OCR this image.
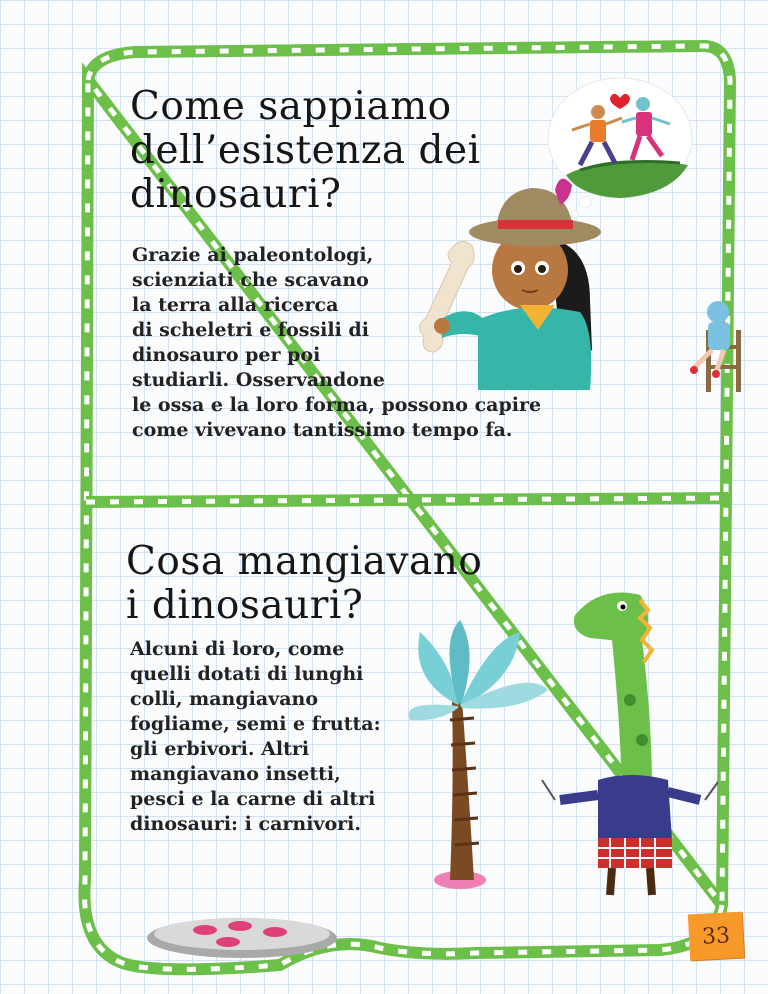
Come sappiamo
dell’esistenza dei
dinosauri?

Grazie ai paleontologi,
scienziati che scavano
la terra alla ricerca
di scheletri e fossili di
dinosauro per poi
studiarli. Osservandone
le ossa e la loro forma, possono capire
come vivevano tantissimo tempo fa.

Cosa mangiavano
i dinosauri?

Alcuni di loro, come
quelli dotati di lunghi
colli, mangiavano
fogliame, semi e frutta:
gli erbivori. Altri
mangiavano insetti,
pesci e la carne di altri
dinosauri: i carnivori.

33
